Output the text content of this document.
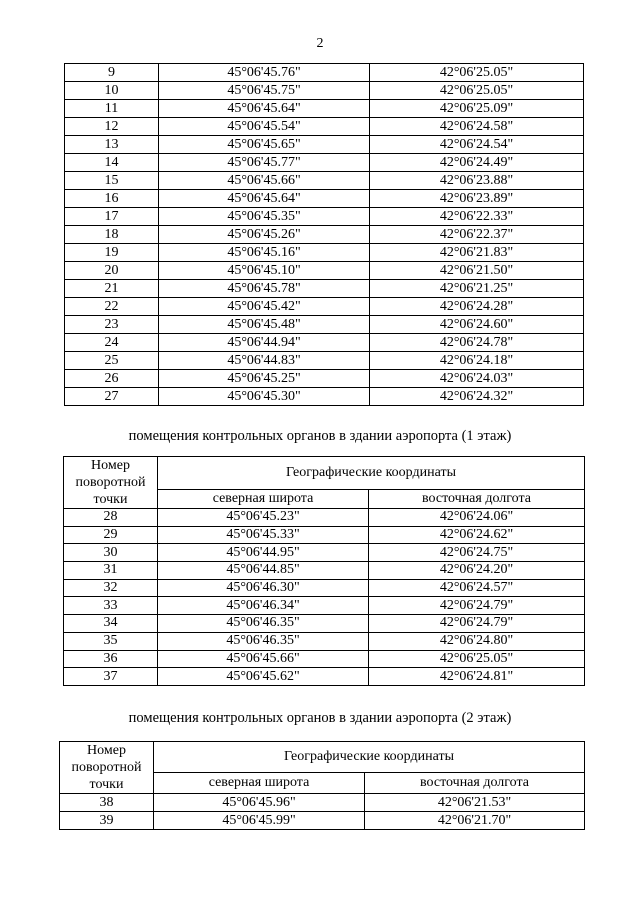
2
9	45°06'45.76"	42°06'25.05"
10	45°06'45.75"	42°06'25.05"
11	45°06'45.64"	42°06'25.09"
12	45°06'45.54"	42°06'24.58"
13	45°06'45.65"	42°06'24.54"
14	45°06'45.77"	42°06'24.49"
15	45°06'45.66"	42°06'23.88"
16	45°06'45.64"	42°06'23.89"
17	45°06'45.35"	42°06'22.33"
18	45°06'45.26"	42°06'22.37"
19	45°06'45.16"	42°06'21.83"
20	45°06'45.10"	42°06'21.50"
21	45°06'45.78"	42°06'21.25"
22	45°06'45.42"	42°06'24.28"
23	45°06'45.48"	42°06'24.60"
24	45°06'44.94"	42°06'24.78"
25	45°06'44.83"	42°06'24.18"
26	45°06'45.25"	42°06'24.03"
27	45°06'45.30"	42°06'24.32"
помещения контрольных органов в здании аэропорта (1 этаж)
Номер поворотной точки	Географические координаты	
	северная широта	восточная долгота
28	45°06'45.23"	42°06'24.06"
29	45°06'45.33"	42°06'24.62"
30	45°06'44.95"	42°06'24.75"
31	45°06'44.85"	42°06'24.20"
32	45°06'46.30"	42°06'24.57"
33	45°06'46.34"	42°06'24.79"
34	45°06'46.35"	42°06'24.79"
35	45°06'46.35"	42°06'24.80"
36	45°06'45.66"	42°06'25.05"
37	45°06'45.62"	42°06'24.81"
помещения контрольных органов в здании аэропорта (2 этаж)
Номер поворотной точки	Географические координаты	
	северная широта	восточная долгота
38	45°06'45.96"	42°06'21.53"
39	45°06'45.99"	42°06'21.70"
